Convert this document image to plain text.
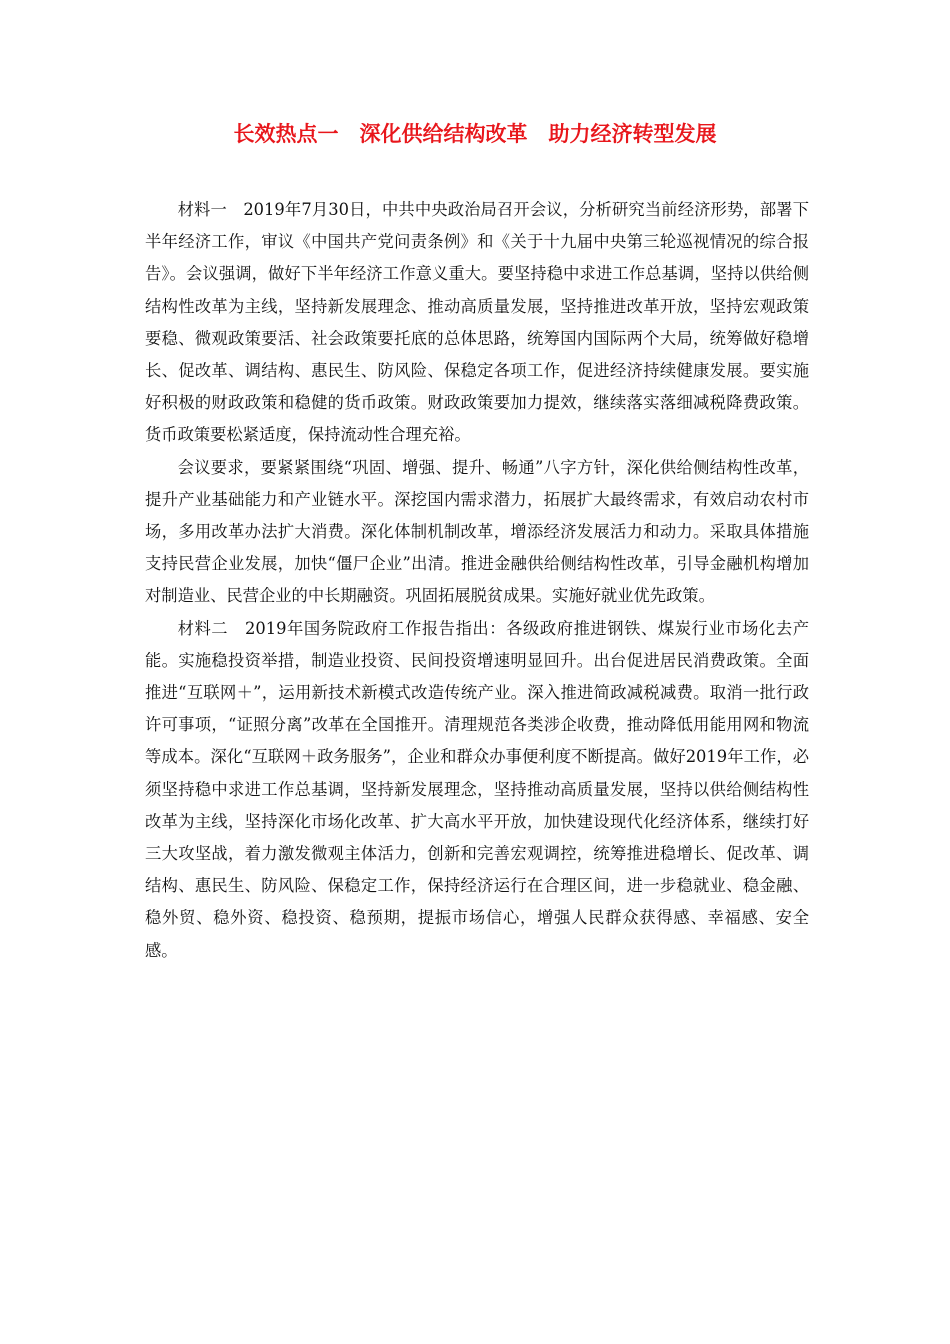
长效热点一　深化供给结构改革　助力经济转型发展

材料一　2019年7月30日，中共中央政治局召开会议，分析研究当前经济形势，部署下半年经济工作，审议《中国共产党问责条例》和《关于十九届中央第三轮巡视情况的综合报告》。会议强调，做好下半年经济工作意义重大。要坚持稳中求进工作总基调，坚持以供给侧结构性改革为主线，坚持新发展理念、推动高质量发展，坚持推进改革开放，坚持宏观政策要稳、微观政策要活、社会政策要托底的总体思路，统筹国内国际两个大局，统筹做好稳增长、促改革、调结构、惠民生、防风险、保稳定各项工作，促进经济持续健康发展。要实施好积极的财政政策和稳健的货币政策。财政政策要加力提效，继续落实落细减税降费政策。货币政策要松紧适度，保持流动性合理充裕。

会议要求，要紧紧围绕“巩固、增强、提升、畅通”八字方针，深化供给侧结构性改革，提升产业基础能力和产业链水平。深挖国内需求潜力，拓展扩大最终需求，有效启动农村市场，多用改革办法扩大消费。深化体制机制改革，增添经济发展活力和动力。采取具体措施支持民营企业发展，加快“僵尸企业”出清。推进金融供给侧结构性改革，引导金融机构增加对制造业、民营企业的中长期融资。巩固拓展脱贫成果。实施好就业优先政策。

材料二　2019年国务院政府工作报告指出：各级政府推进钢铁、煤炭行业市场化去产能。实施稳投资举措，制造业投资、民间投资增速明显回升。出台促进居民消费政策。全面推进“互联网＋”，运用新技术新模式改造传统产业。深入推进简政减税减费。取消一批行政许可事项，“证照分离”改革在全国推开。清理规范各类涉企收费，推动降低用能用网和物流等成本。深化“互联网＋政务服务”，企业和群众办事便利度不断提高。做好2019年工作，必须坚持稳中求进工作总基调，坚持新发展理念，坚持推动高质量发展，坚持以供给侧结构性改革为主线，坚持深化市场化改革、扩大高水平开放，加快建设现代化经济体系，继续打好三大攻坚战，着力激发微观主体活力，创新和完善宏观调控，统筹推进稳增长、促改革、调结构、惠民生、防风险、保稳定工作，保持经济运行在合理区间，进一步稳就业、稳金融、稳外贸、稳外资、稳投资、稳预期，提振市场信心，增强人民群众获得感、幸福感、安全感。
